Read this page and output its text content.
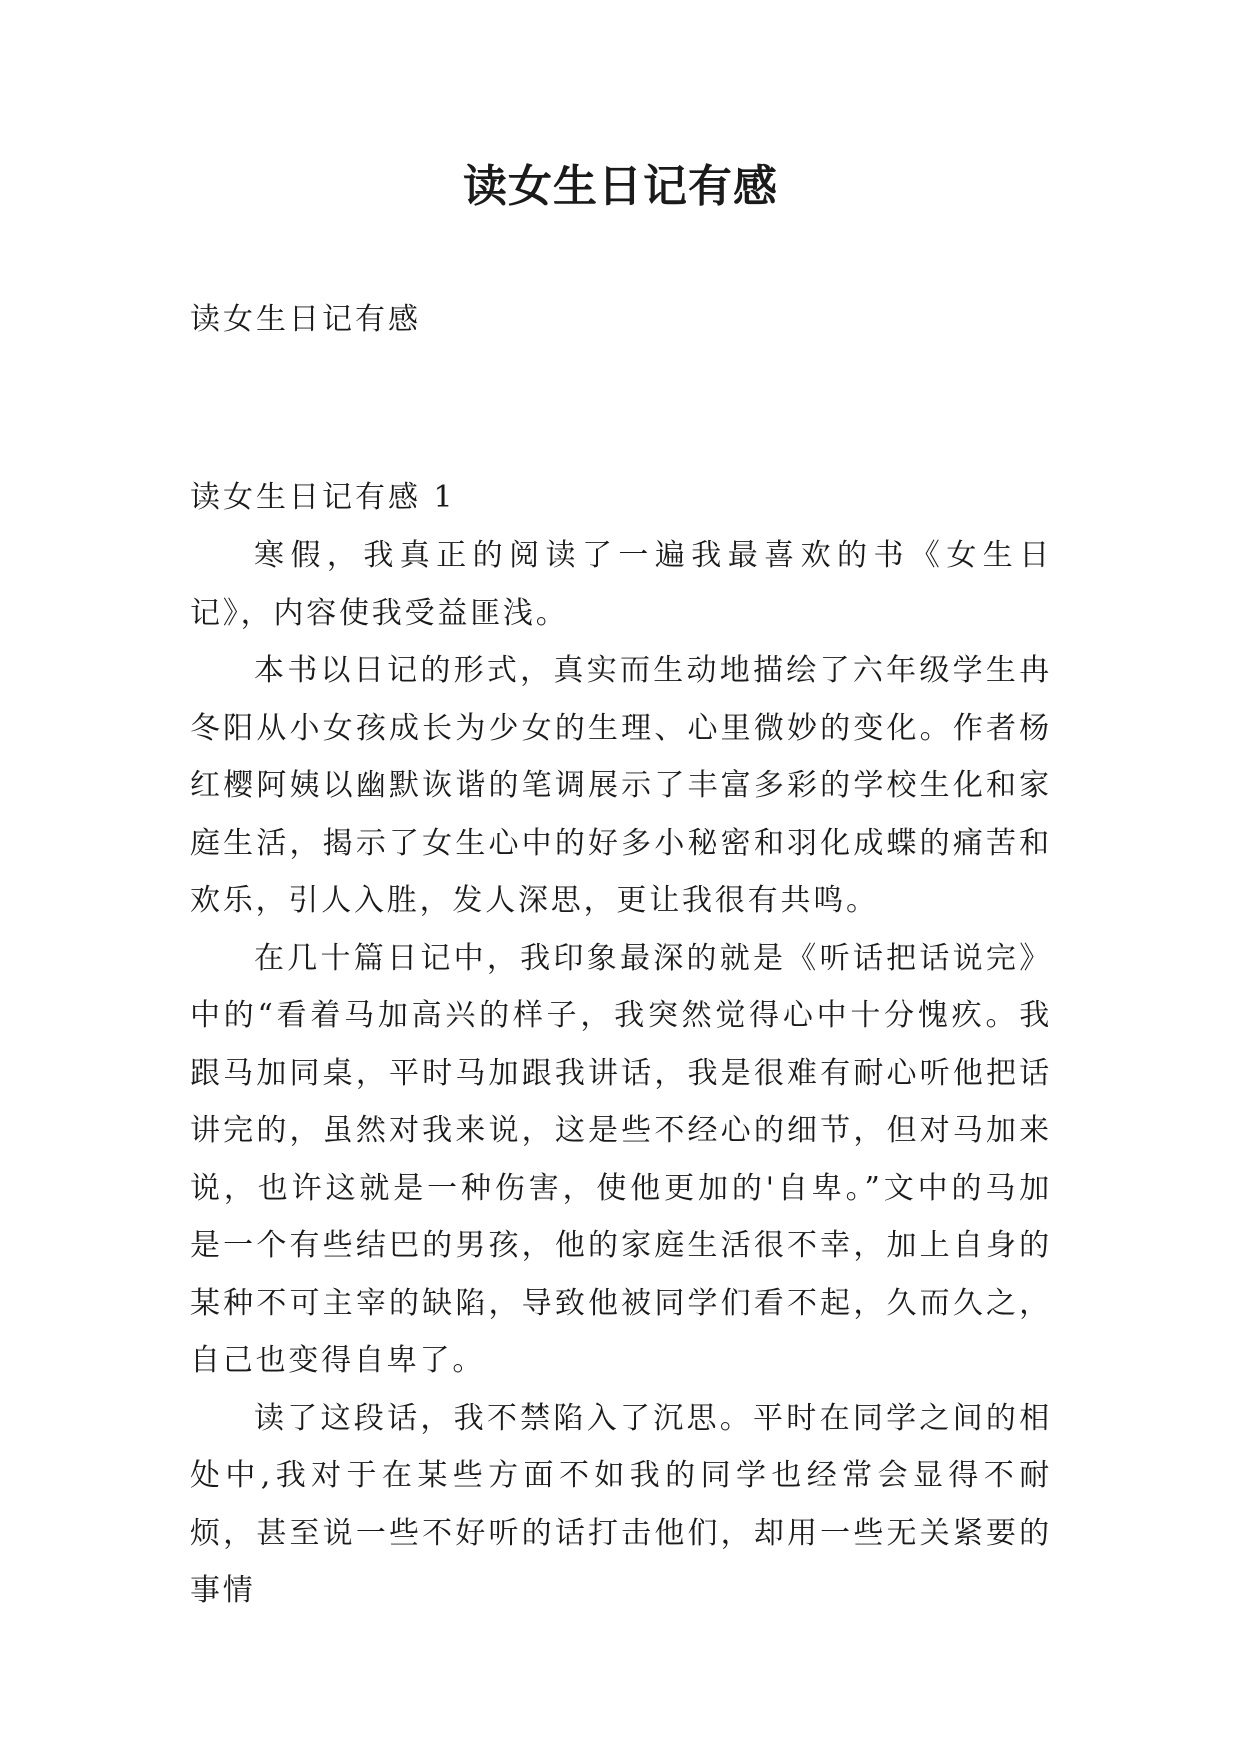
读女生日记有感
读女生日记有感
读女生日记有感 1

寒假，我真正的阅读了一遍我最喜欢的书《女生日记》，内容使我受益匪浅。

本书以日记的形式，真实而生动地描绘了六年级学生冉冬阳从小女孩成长为少女的生理、心里微妙的变化。作者杨红樱阿姨以幽默诙谐的笔调展示了丰富多彩的学校生化和家庭生活，揭示了女生心中的好多小秘密和羽化成蝶的痛苦和欢乐，引人入胜，发人深思，更让我很有共鸣。

在几十篇日记中，我印象最深的就是《听话把话说完》中的“看着马加高兴的样子，我突然觉得心中十分愧疚。我跟马加同桌，平时马加跟我讲话，我是很难有耐心听他把话讲完的，虽然对我来说，这是些不经心的细节，但对马加来说，也许这就是一种伤害，使他更加的'自卑。”文中的马加是一个有些结巴的男孩，他的家庭生活很不幸，加上自身的某种不可主宰的缺陷，导致他被同学们看不起，久而久之，自己也变得自卑了。

读了这段话，我不禁陷入了沉思。平时在同学之间的相处中,我对于在某些方面不如我的同学也经常会显得不耐烦，甚至说一些不好听的话打击他们，却用一些无关紧要的事情
